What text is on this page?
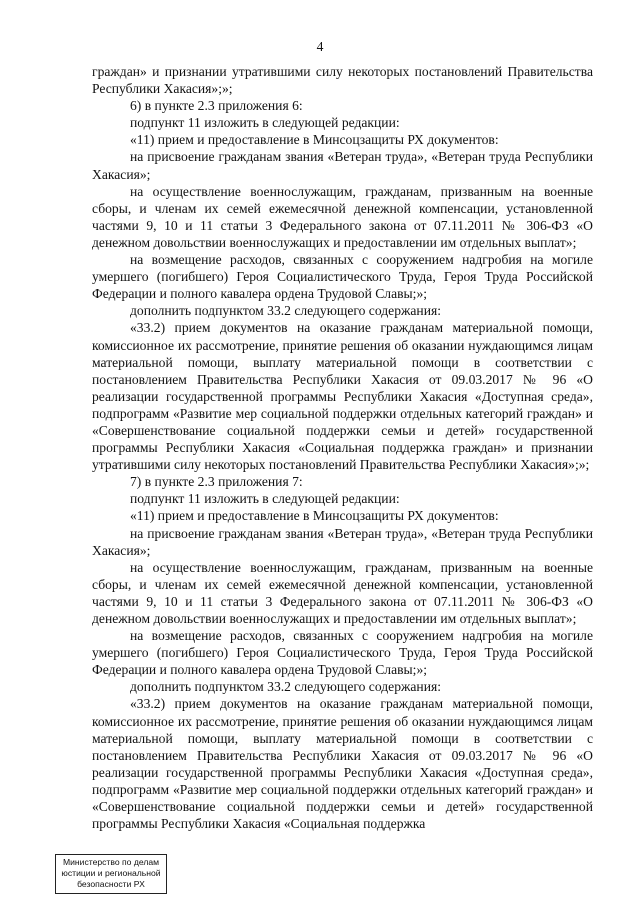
4

граждан» и признании утратившими силу некоторых постановлений Правительства Республики Хакасия»;»;

6) в пункте 2.3 приложения 6:

подпункт 11 изложить в следующей редакции:

«11) прием и предоставление в Минсоцзащиты РХ документов:

на присвоение гражданам звания «Ветеран труда», «Ветеран труда Республики Хакасия»;

на осуществление военнослужащим, гражданам, призванным на военные сборы, и членам их семей ежемесячной денежной компенсации, установленной частями 9, 10 и 11 статьи 3 Федерального закона от 07.11.2011 № 306-ФЗ «О денежном довольствии военнослужащих и предоставлении им отдельных выплат»;

на возмещение расходов, связанных с сооружением надгробия на могиле умершего (погибшего) Героя Социалистического Труда, Героя Труда Российской Федерации и полного кавалера ордена Трудовой Славы;»;

дополнить подпунктом 33.2 следующего содержания:

«33.2) прием документов на оказание гражданам материальной помощи, комиссионное их рассмотрение, принятие решения об оказании нуждающимся лицам материальной помощи, выплату материальной помощи в соответствии с постановлением Правительства Республики Хакасия от 09.03.2017 № 96 «О реализации государственной программы Республики Хакасия «Доступная среда», подпрограмм «Развитие мер социальной поддержки отдельных категорий граждан» и «Совершенствование социальной поддержки семьи и детей» государственной программы Республики Хакасия «Социальная поддержка граждан» и признании утратившими силу некоторых постановлений Правительства Республики Хакасия»;»;

7) в пункте 2.3 приложения 7:

подпункт 11 изложить в следующей редакции:

«11) прием и предоставление в Минсоцзащиты РХ документов:

на присвоение гражданам звания «Ветеран труда», «Ветеран труда Республики Хакасия»;

на осуществление военнослужащим, гражданам, призванным на военные сборы, и членам их семей ежемесячной денежной компенсации, установленной частями 9, 10 и 11 статьи 3 Федерального закона от 07.11.2011 № 306-ФЗ «О денежном довольствии военнослужащих и предоставлении им отдельных выплат»;

на возмещение расходов, связанных с сооружением надгробия на могиле умершего (погибшего) Героя Социалистического Труда, Героя Труда Российской Федерации и полного кавалера ордена Трудовой Славы;»;

дополнить подпунктом 33.2 следующего содержания:

«33.2) прием документов на оказание гражданам материальной помощи, комиссионное их рассмотрение, принятие решения об оказании нуждающимся лицам материальной помощи, выплату материальной помощи в соответствии с постановлением Правительства Республики Хакасия от 09.03.2017 № 96 «О реализации государственной программы Республики Хакасия «Доступная среда», подпрограмм «Развитие мер социальной поддержки отдельных категорий граждан» и «Совершенствование социальной поддержки семьи и детей» государственной программы Республики Хакасия «Социальная поддержка

Министерство по делам
юстиции и региональной
безопасности РХ
